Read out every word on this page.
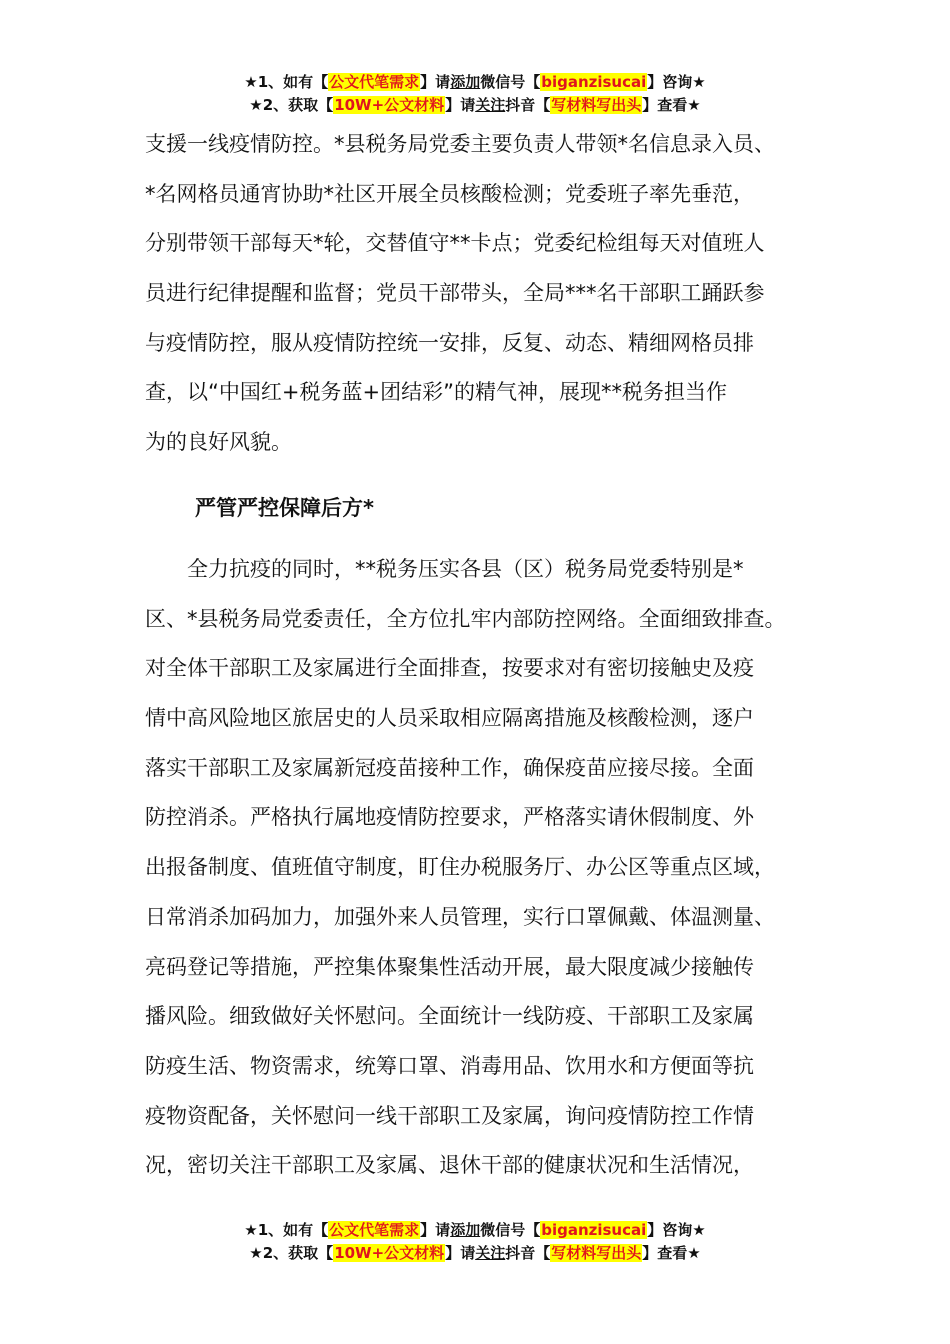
★1、如有【公文代笔需求】请添加微信号【biganzisucai】咨询★
★2、获取【10W+公文材料】请关注抖音【写材料写出头】查看★
支援一线疫情防控。*县税务局党委主要负责人带领*名信息录入员、
*名网格员通宵协助*社区开展全员核酸检测；党委班子率先垂范，
分别带领干部每天*轮，交替值守**卡点；党委纪检组每天对值班人
员进行纪律提醒和监督；党员干部带头，全局***名干部职工踊跃参
与疫情防控，服从疫情防控统一安排，反复、动态、精细网格员排
查，以“中国红+税务蓝+团结彩”的精气神，展现**税务担当作
为的良好风貌。
严管严控保障后方*
　　全力抗疫的同时，**税务压实各县（区）税务局党委特别是*
区、*县税务局党委责任，全方位扎牢内部防控网络。全面细致排查。
对全体干部职工及家属进行全面排查，按要求对有密切接触史及疫
情中高风险地区旅居史的人员采取相应隔离措施及核酸检测，逐户
落实干部职工及家属新冠疫苗接种工作，确保疫苗应接尽接。全面
防控消杀。严格执行属地疫情防控要求，严格落实请休假制度、外
出报备制度、值班值守制度，盯住办税服务厅、办公区等重点区域，
日常消杀加码加力，加强外来人员管理，实行口罩佩戴、体温测量、
亮码登记等措施，严控集体聚集性活动开展，最大限度减少接触传
播风险。细致做好关怀慰问。全面统计一线防疫、干部职工及家属
防疫生活、物资需求，统筹口罩、消毒用品、饮用水和方便面等抗
疫物资配备，关怀慰问一线干部职工及家属，询问疫情防控工作情
况，密切关注干部职工及家属、退休干部的健康状况和生活情况，
★1、如有【公文代笔需求】请添加微信号【biganzisucai】咨询★
★2、获取【10W+公文材料】请关注抖音【写材料写出头】查看★
